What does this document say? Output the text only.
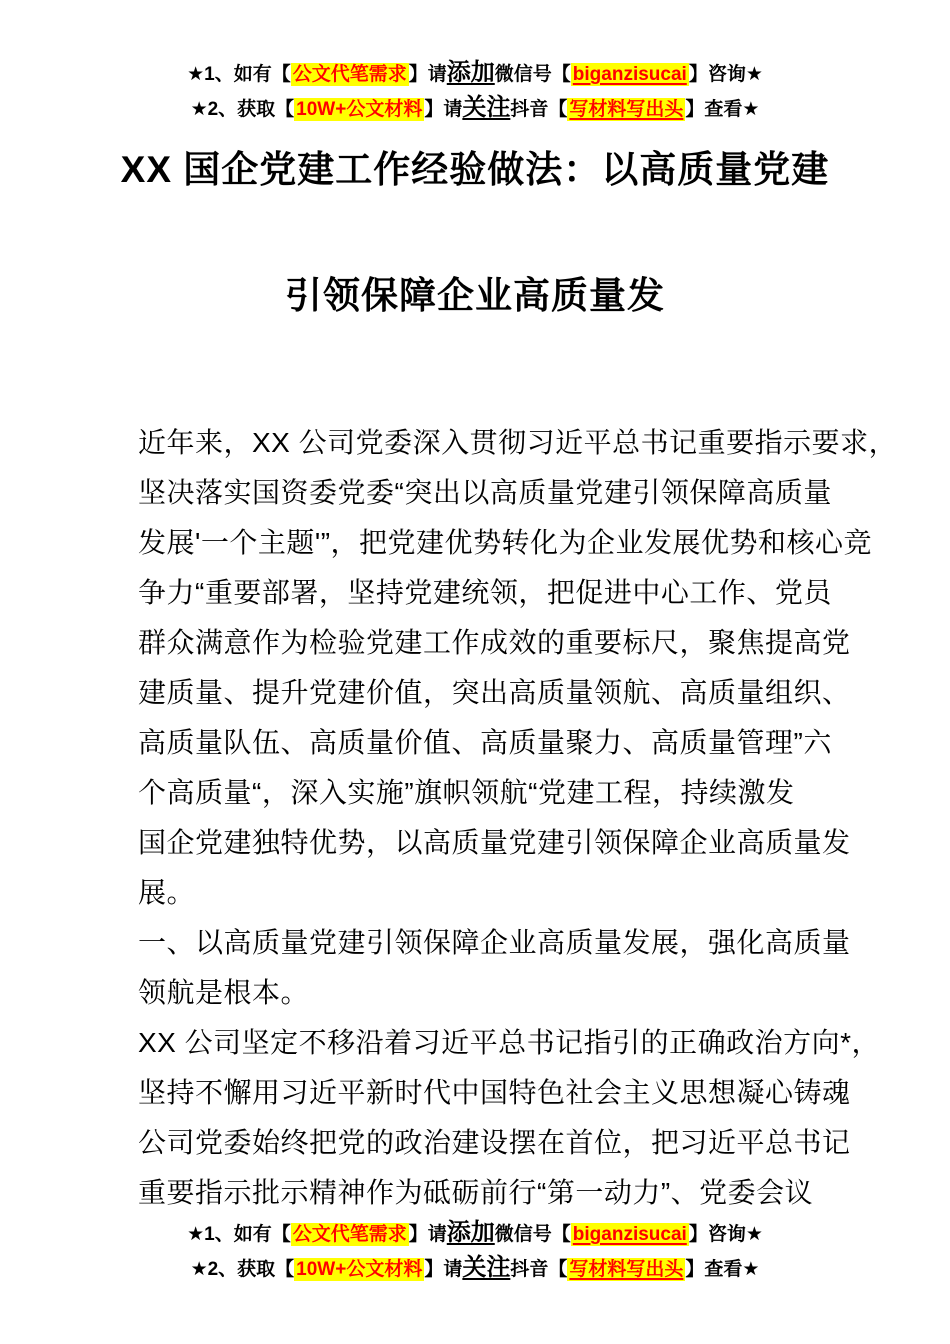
★1、如有【 公文代笔需求 】请添加微信号【 biganzisucai 】咨询★
★2、获取【 10W+公文材料 】请关注抖音【 写材料写出头 】查看★
XX 国企党建工作经验做法：以高质量党建
引领保障企业高质量发
近年来，XX 公司党委深入贯彻习近平总书记重要指示要求，
坚决落实国资委党委“突出以高质量党建引领保障高质量
发展'一个主题'”，把党建优势转化为企业发展优势和核心竞
争力“重要部署，坚持党建统领，把促进中心工作、党员
群众满意作为检验党建工作成效的重要标尺，聚焦提高党
建质量、提升党建价值，突出高质量领航、高质量组织、
高质量队伍、高质量价值、高质量聚力、高质量管理”六
个高质量“，深入实施”旗帜领航“党建工程，持续激发
国企党建独特优势，以高质量党建引领保障企业高质量发
展。
一、以高质量党建引领保障企业高质量发展，强化高质量
领航是根本。
XX 公司坚定不移沿着习近平总书记指引的正确政治方向*，
坚持不懈用习近平新时代中国特色社会主义思想凝心铸魂
公司党委始终把党的政治建设摆在首位，把习近平总书记
重要指示批示精神作为砥砺前行“第一动力”、党委会议
★1、如有【 公文代笔需求 】请添加微信号【 biganzisucai 】咨询★
★2、获取【 10W+公文材料 】请关注抖音【 写材料写出头 】查看★
